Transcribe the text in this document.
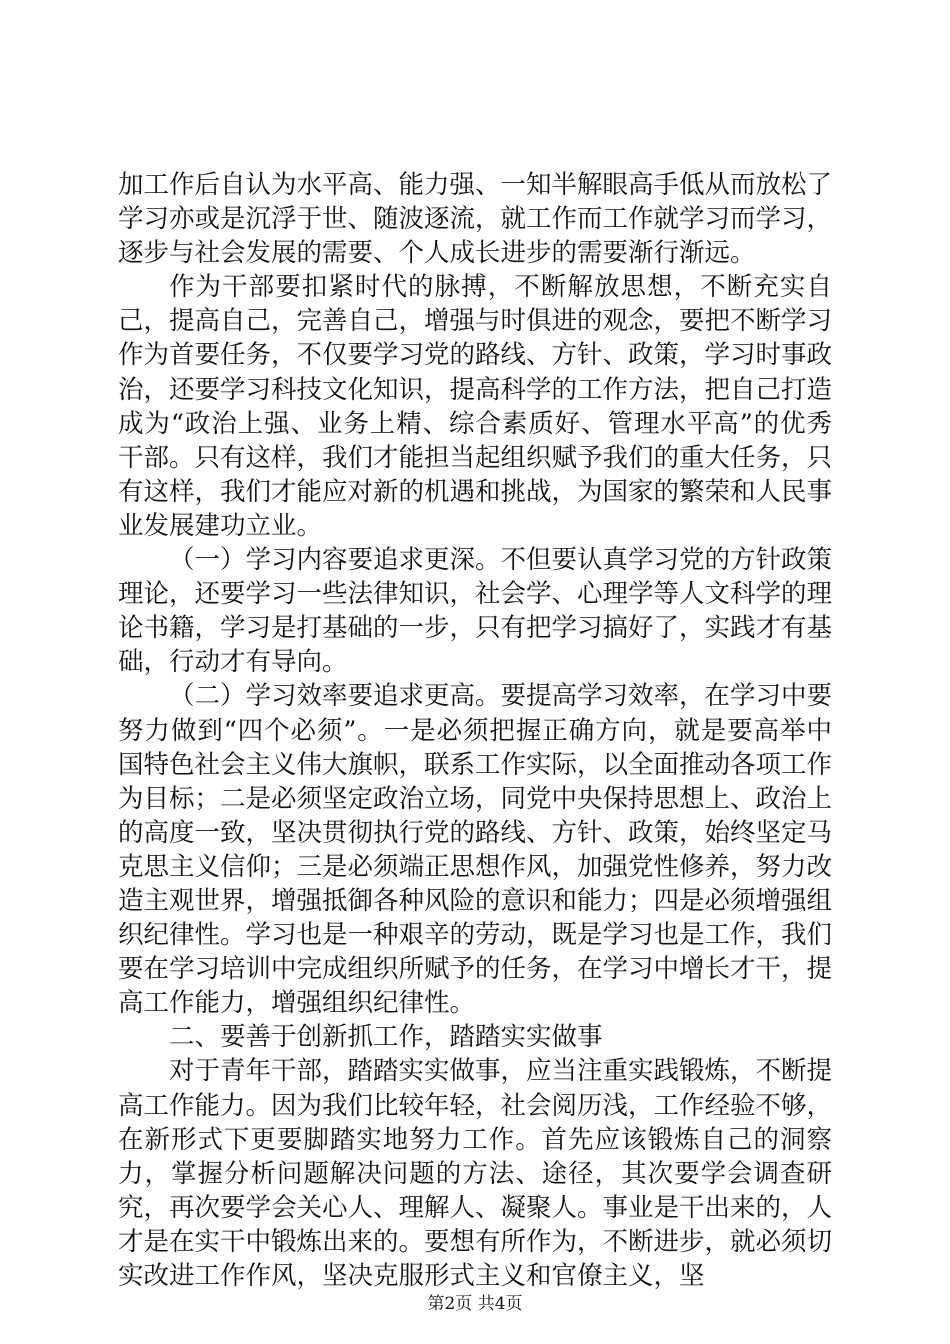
加工作后自认为水平高、能力强、一知半解眼高手低从而放松了学习亦或是沉浮于世、随波逐流，就工作而工作就学习而学习，逐步与社会发展的需要、个人成长进步的需要渐行渐远。

作为干部要扣紧时代的脉搏，不断解放思想，不断充实自己，提高自己，完善自己，增强与时俱进的观念，要把不断学习作为首要任务，不仅要学习党的路线、方针、政策，学习时事政治，还要学习科技文化知识，提高科学的工作方法，把自己打造成为“政治上强、业务上精、综合素质好、管理水平高”的优秀干部。只有这样，我们才能担当起组织赋予我们的重大任务，只有这样，我们才能应对新的机遇和挑战，为国家的繁荣和人民事业发展建功立业。

（一）学习内容要追求更深。不但要认真学习党的方针政策理论，还要学习一些法律知识，社会学、心理学等人文科学的理论书籍，学习是打基础的一步，只有把学习搞好了，实践才有基础，行动才有导向。

（二）学习效率要追求更高。要提高学习效率，在学习中要努力做到“四个必须”。一是必须把握正确方向，就是要高举中国特色社会主义伟大旗帜，联系工作实际，以全面推动各项工作为目标；二是必须坚定政治立场，同党中央保持思想上、政治上的高度一致，坚决贯彻执行党的路线、方针、政策，始终坚定马克思主义信仰；三是必须端正思想作风，加强党性修养，努力改造主观世界，增强抵御各种风险的意识和能力；四是必须增强组织纪律性。学习也是一种艰辛的劳动，既是学习也是工作，我们要在学习培训中完成组织所赋予的任务，在学习中增长才干，提高工作能力，增强组织纪律性。

二、要善于创新抓工作，踏踏实实做事

对于青年干部，踏踏实实做事，应当注重实践锻炼，不断提高工作能力。因为我们比较年轻，社会阅历浅，工作经验不够，在新形式下更要脚踏实地努力工作。首先应该锻炼自己的洞察力，掌握分析问题解决问题的方法、途径，其次要学会调查研究，再次要学会关心人、理解人、凝聚人。事业是干出来的，人才是在实干中锻炼出来的。要想有所作为，不断进步，就必须切实改进工作作风，坚决克服形式主义和官僚主义，坚

第2页 共4页
